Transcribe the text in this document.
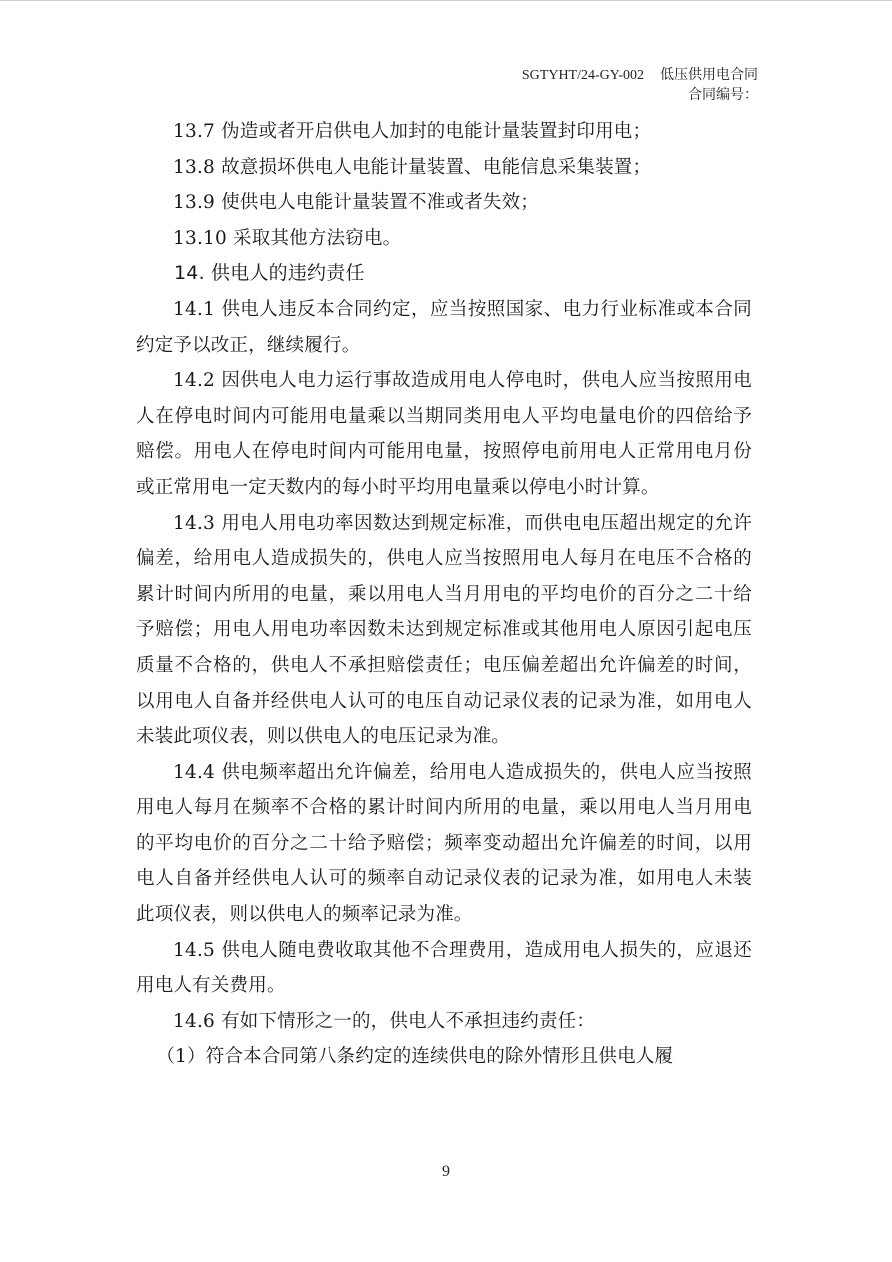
SGTYHT/24-GY-002 低压供用电合同
合同编号：

13.7 伪造或者开启供电人加封的电能计量装置封印用电；

13.8 故意损坏供电人电能计量装置、电能信息采集装置；

13.9 使供电人电能计量装置不准或者失效；

13.10 采取其他方法窃电。

14. 供电人的违约责任

14.1 供电人违反本合同约定，应当按照国家、电力行业标准或本合同约定予以改正，继续履行。

14.2 因供电人电力运行事故造成用电人停电时，供电人应当按照用电人在停电时间内可能用电量乘以当期同类用电人平均电量电价的四倍给予赔偿。用电人在停电时间内可能用电量，按照停电前用电人正常用电月份或正常用电一定天数内的每小时平均用电量乘以停电小时计算。

14.3 用电人用电功率因数达到规定标准，而供电电压超出规定的允许偏差，给用电人造成损失的，供电人应当按照用电人每月在电压不合格的累计时间内所用的电量，乘以用电人当月用电的平均电价的百分之二十给予赔偿；用电人用电功率因数未达到规定标准或其他用电人原因引起电压质量不合格的，供电人不承担赔偿责任；电压偏差超出允许偏差的时间，以用电人自备并经供电人认可的电压自动记录仪表的记录为准，如用电人未装此项仪表，则以供电人的电压记录为准。

14.4 供电频率超出允许偏差，给用电人造成损失的，供电人应当按照用电人每月在频率不合格的累计时间内所用的电量，乘以用电人当月用电的平均电价的百分之二十给予赔偿；频率变动超出允许偏差的时间，以用电人自备并经供电人认可的频率自动记录仪表的记录为准，如用电人未装此项仪表，则以供电人的频率记录为准。

14.5 供电人随电费收取其他不合理费用，造成用电人损失的，应退还用电人有关费用。

14.6 有如下情形之一的，供电人不承担违约责任：

（1）符合本合同第八条约定的连续供电的除外情形且供电人履

9
